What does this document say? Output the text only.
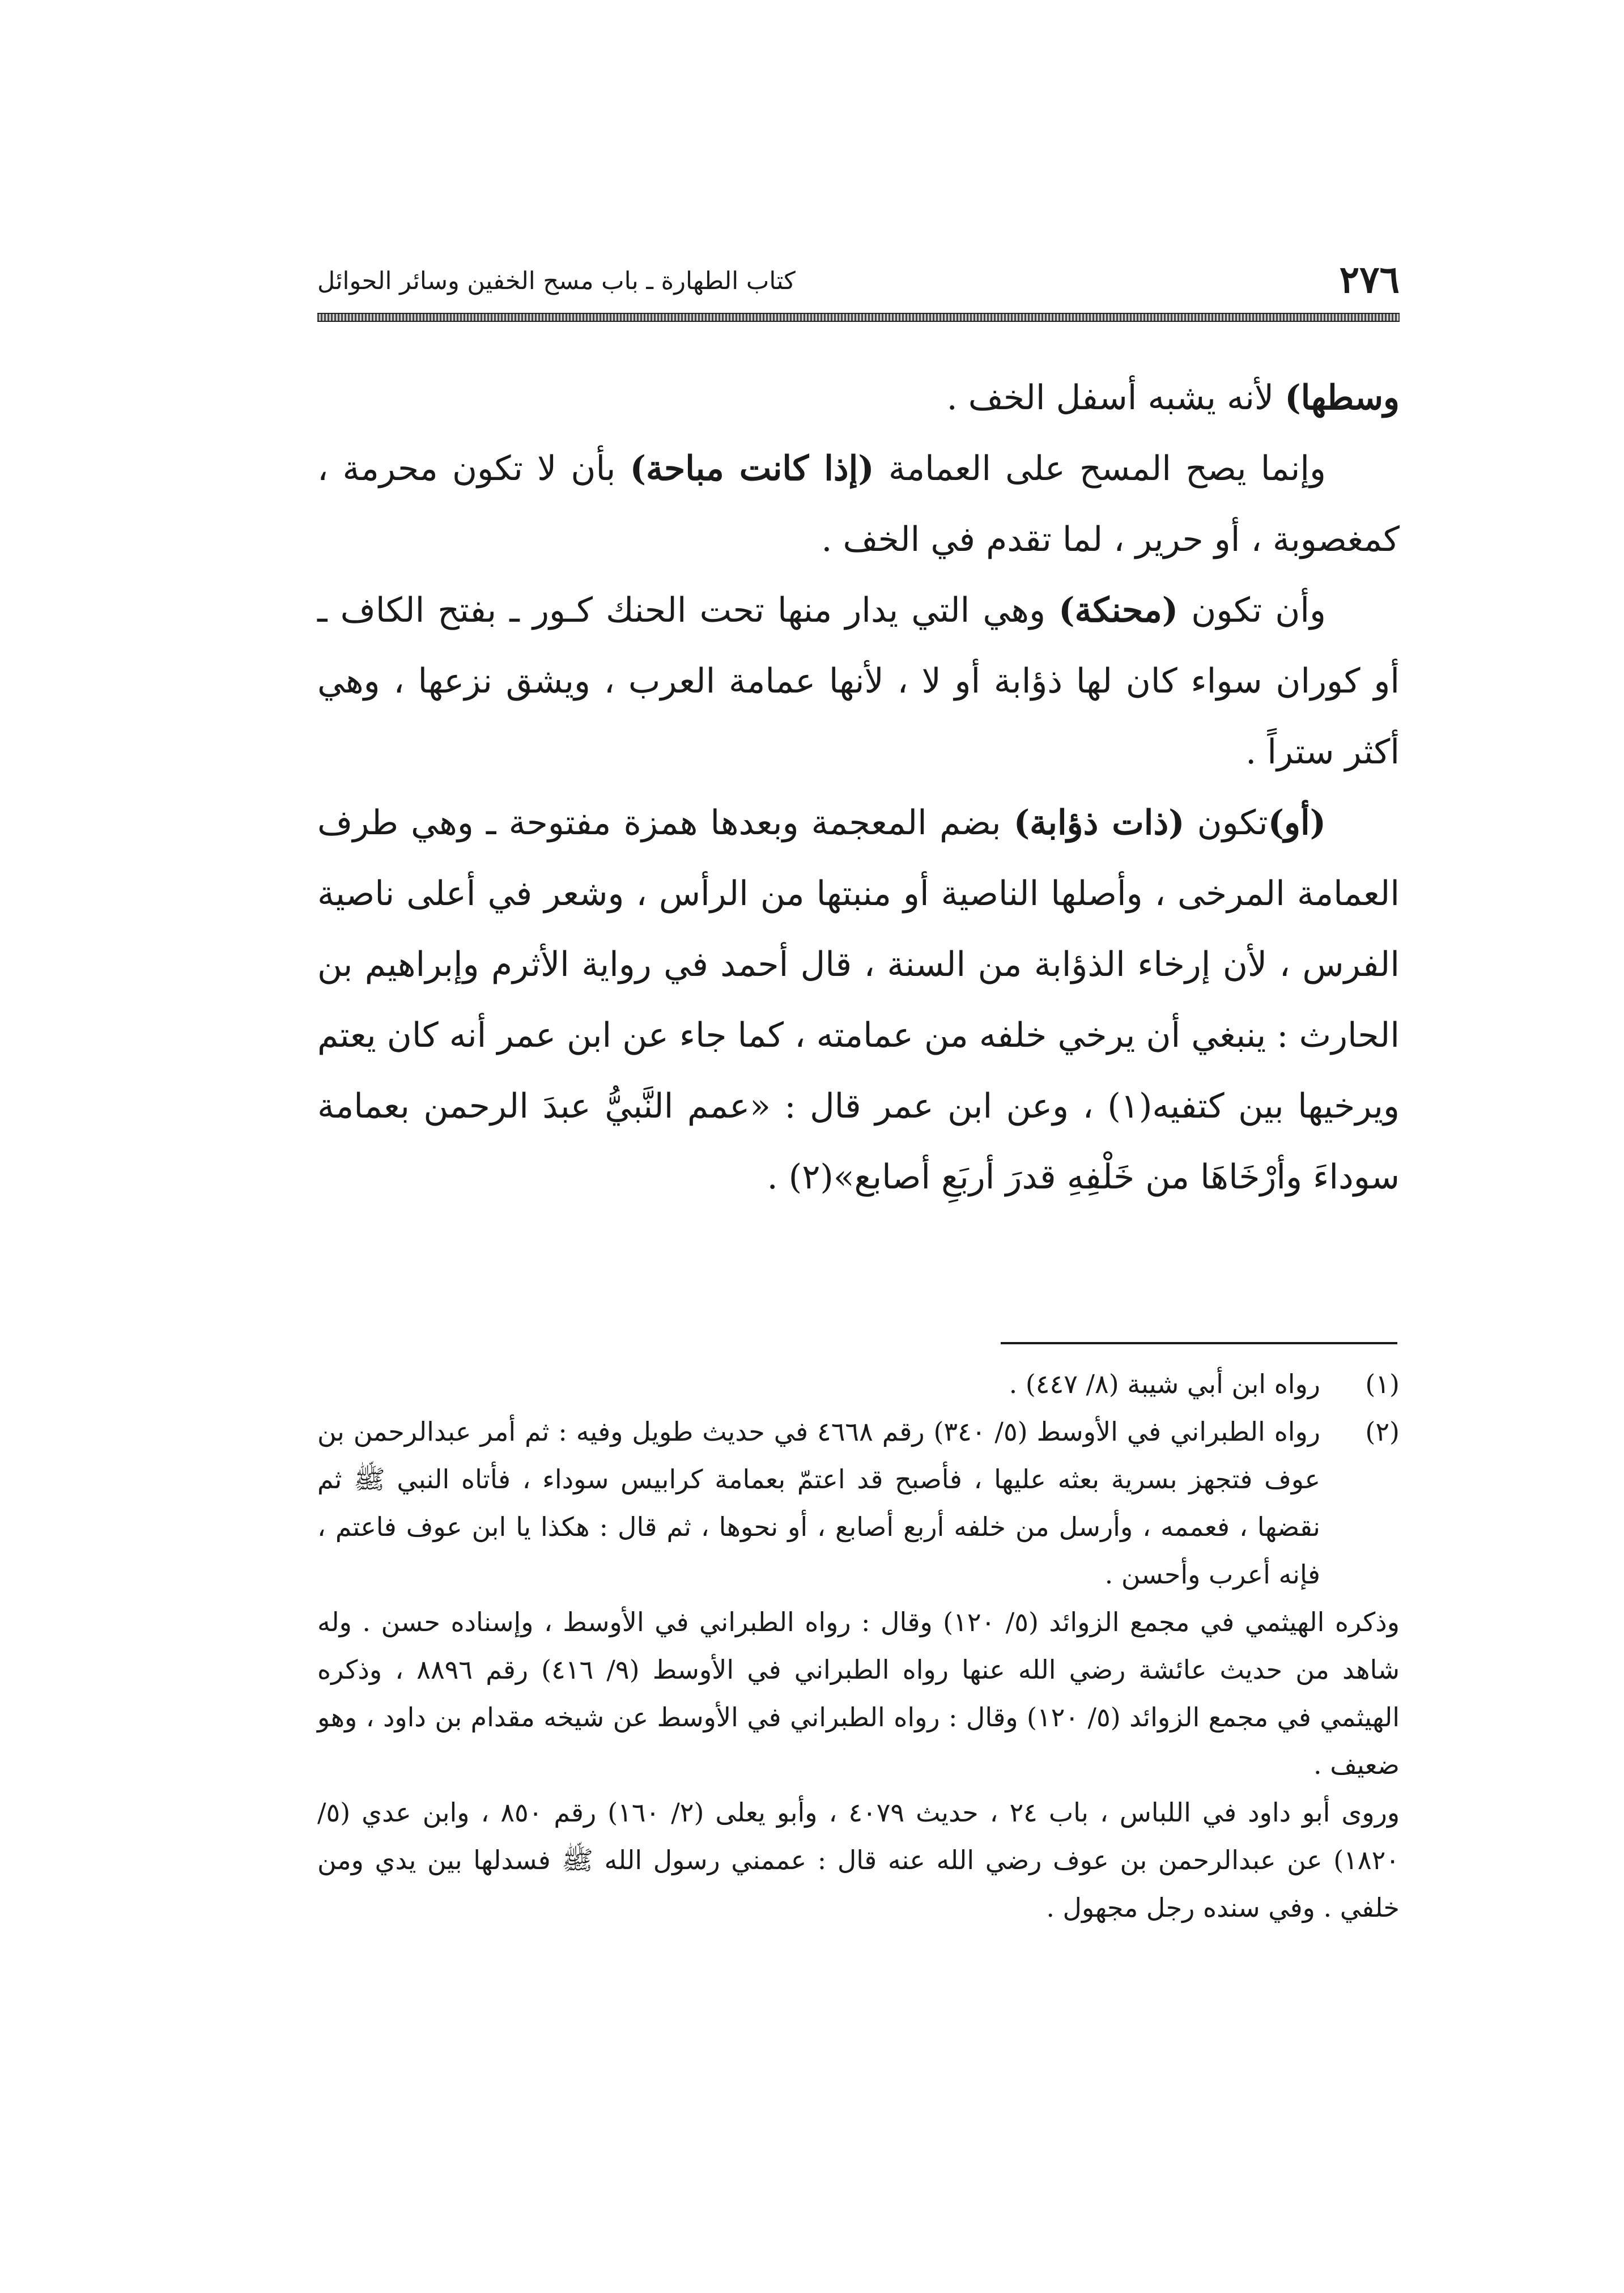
٢٧٦
كتاب الطهارة ـ باب مسح الخفين وسائر الحوائل

وسطها) لأنه يشبه أسفل الخف .

وإنما يصح المسح على العمامة (إذا كانت مباحة) بأن لا تكون محرمة ، كمغصوبة ، أو حرير ، لما تقدم في الخف .

وأن تكون (محنكة) وهي التي يدار منها تحت الحنك كـور ـ بفتح الكاف ـ أو كوران سواء كان لها ذؤابة أو لا ، لأنها عمامة العرب ، ويشق نزعها ، وهي أكثر ستراً .

(أو)تكون (ذات ذؤابة) بضم المعجمة وبعدها همزة مفتوحة ـ وهي طرف العمامة المرخى ، وأصلها الناصية أو منبتها من الرأس ، وشعر في أعلى ناصية الفرس ، لأن إرخاء الذؤابة من السنة ، قال أحمد في رواية الأثرم وإبراهيم بن الحارث : ينبغي أن يرخي خلفه من عمامته ، كما جاء عن ابن عمر أنه كان يعتم ويرخيها بين كتفيه(١) ، وعن ابن عمر قال : «عمم النَّبيُّ عبدَ الرحمن بعمامة سوداءَ وأرْخَاهَا من خَلْفِهِ قدرَ أربَعِ أصابع»(٢) .

(١)
رواه ابن أبي شيبة (٨/ ٤٤٧) .
(٢)
رواه الطبراني في الأوسط (٥/ ٣٤٠) رقم ٤٦٦٨ في حديث طويل وفيه : ثم أمر عبدالرحمن بن عوف فتجهز بسرية بعثه عليها ، فأصبح قد اعتمّ بعمامة كرابيس سوداء ، فأتاه النبي ﷺ ثم نقضها ، فعممه ، وأرسل من خلفه أربع أصابع ، أو نحوها ، ثم قال : هكذا يا ابن عوف فاعتم ، فإنه أعرب وأحسن .

وذكره الهيثمي في مجمع الزوائد (٥/ ١٢٠) وقال : رواه الطبراني في الأوسط ، وإسناده حسن . وله شاهد من حديث عائشة رضي الله عنها رواه الطبراني في الأوسط (٩/ ٤١٦) رقم ٨٨٩٦ ، وذكره الهيثمي في مجمع الزوائد (٥/ ١٢٠) وقال : رواه الطبراني في الأوسط عن شيخه مقدام بن داود ، وهو ضعيف .

وروى أبو داود في اللباس ، باب ٢٤ ، حديث ٤٠٧٩ ، وأبو يعلى (٢/ ١٦٠) رقم ٨٥٠ ، وابن عدي (٥/ ١٨٢٠) عن عبدالرحمن بن عوف رضي الله عنه قال : عممني رسول الله ﷺ فسدلها بين يدي ومن خلفي . وفي سنده رجل مجهول .
